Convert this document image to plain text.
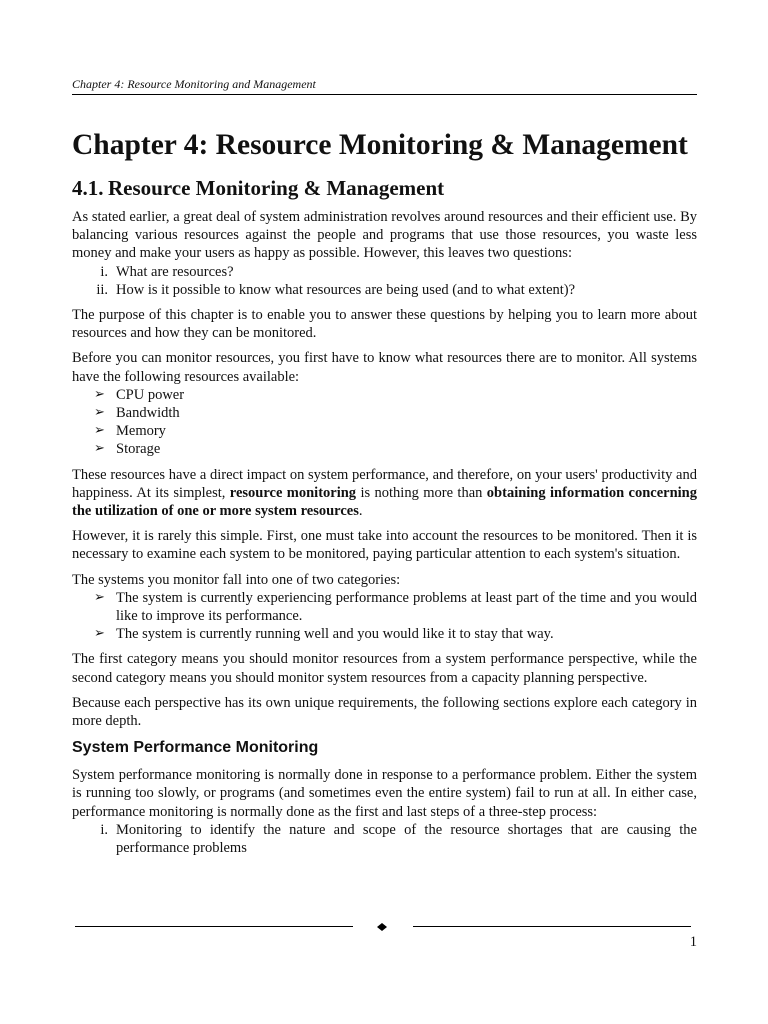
Chapter 4: Resource Monitoring and Management
Chapter 4: Resource Monitoring & Management
4.1. Resource Monitoring & Management

As stated earlier, a great deal of system administration revolves around resources and their efficient use. By balancing various resources against the people and programs that use those resources, you waste less money and make your users as happy as possible. However, this leaves two questions:

i. What are resources?
ii. How is it possible to know what resources are being used (and to what extent)?

The purpose of this chapter is to enable you to answer these questions by helping you to learn more about resources and how they can be monitored.

Before you can monitor resources, you first have to know what resources there are to monitor. All systems have the following resources available:

➢ CPU power
➢ Bandwidth
➢ Memory
➢ Storage

These resources have a direct impact on system performance, and therefore, on your users' productivity and happiness. At its simplest, resource monitoring is nothing more than obtaining information concerning the utilization of one or more system resources.

However, it is rarely this simple. First, one must take into account the resources to be monitored. Then it is necessary to examine each system to be monitored, paying particular attention to each system's situation.

The systems you monitor fall into one of two categories:

➢ The system is currently experiencing performance problems at least part of the time and you would like to improve its performance.
➢ The system is currently running well and you would like it to stay that way.

The first category means you should monitor resources from a system performance perspective, while the second category means you should monitor system resources from a capacity planning perspective.

Because each perspective has its own unique requirements, the following sections explore each category in more depth.

System Performance Monitoring

System performance monitoring is normally done in response to a performance problem. Either the system is running too slowly, or programs (and sometimes even the entire system) fail to run at all. In either case, performance monitoring is normally done as the first and last steps of a three-step process:

i. Monitoring to identify the nature and scope of the resource shortages that are causing the performance problems
1
